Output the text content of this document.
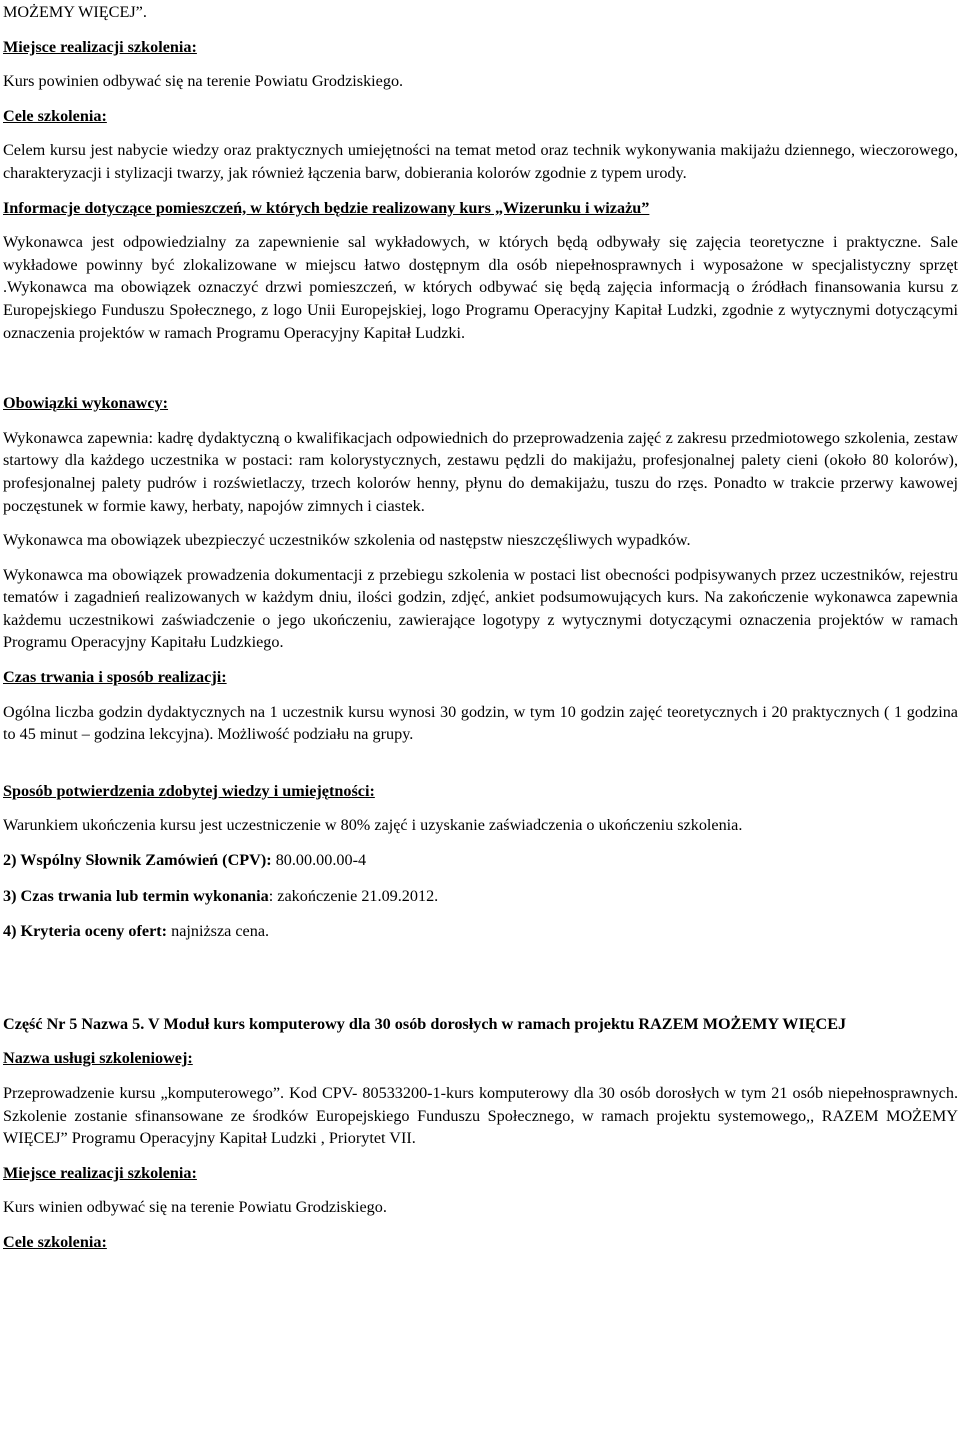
MOŻEMY WIĘCEJ”.

Miejsce realizacji szkolenia:

Kurs powinien odbywać się na terenie Powiatu Grodziskiego.

Cele szkolenia:

Celem kursu jest nabycie wiedzy oraz praktycznych umiejętności na temat metod oraz technik wykonywania makijażu dziennego, wieczorowego, charakteryzacji i stylizacji twarzy, jak również łączenia barw, dobierania kolorów zgodnie z typem urody.

Informacje dotyczące pomieszczeń, w których będzie realizowany kurs „Wizerunku i wizażu”

Wykonawca jest odpowiedzialny za zapewnienie sal wykładowych, w których będą odbywały się zajęcia teoretyczne i praktyczne. Sale wykładowe powinny być zlokalizowane w miejscu łatwo dostępnym dla osób niepełnosprawnych i wyposażone w specjalistyczny sprzęt .Wykonawca ma obowiązek oznaczyć drzwi pomieszczeń, w których odbywać się będą zajęcia informacją o źródłach finansowania kursu z Europejskiego Funduszu Społecznego, z logo Unii Europejskiej, logo Programu Operacyjny Kapitał Ludzki, zgodnie z wytycznymi dotyczącymi oznaczenia projektów w ramach Programu Operacyjny Kapitał Ludzki.

Obowiązki wykonawcy:

Wykonawca zapewnia: kadrę dydaktyczną o kwalifikacjach odpowiednich do przeprowadzenia zajęć z zakresu przedmiotowego szkolenia, zestaw startowy dla każdego uczestnika w postaci: ram kolorystycznych, zestawu pędzli do makijażu, profesjonalnej palety cieni (około 80 kolorów), profesjonalnej palety pudrów i rozświetlaczy, trzech kolorów henny, płynu do demakijażu, tuszu do rzęs. Ponadto w trakcie przerwy kawowej poczęstunek w formie kawy, herbaty, napojów zimnych i ciastek.

Wykonawca ma obowiązek ubezpieczyć uczestników szkolenia od następstw nieszczęśliwych wypadków.

Wykonawca ma obowiązek prowadzenia dokumentacji z przebiegu szkolenia w postaci list obecności podpisywanych przez uczestników, rejestru tematów i zagadnień realizowanych w każdym dniu, ilości godzin, zdjęć, ankiet podsumowujących kurs. Na zakończenie wykonawca zapewnia każdemu uczestnikowi zaświadczenie o jego ukończeniu, zawierające logotypy z wytycznymi dotyczącymi oznaczenia projektów w ramach Programu Operacyjny Kapitału Ludzkiego.

Czas trwania i sposób realizacji:

Ogólna liczba godzin dydaktycznych na 1 uczestnik kursu wynosi 30 godzin, w tym 10 godzin zajęć teoretycznych i 20 praktycznych ( 1 godzina to 45 minut – godzina lekcyjna). Możliwość podziału na grupy.

Sposób potwierdzenia zdobytej wiedzy i umiejętności:

Warunkiem ukończenia kursu jest uczestniczenie w 80% zajęć i uzyskanie zaświadczenia o ukończeniu szkolenia.

2) Wspólny Słownik Zamówień (CPV): 80.00.00.00-4

3) Czas trwania lub termin wykonania: zakończenie 21.09.2012.

4) Kryteria oceny ofert: najniższa cena.

Część Nr 5 Nazwa 5. V Moduł kurs komputerowy dla 30 osób dorosłych w ramach projektu RAZEM MOŻEMY WIĘCEJ

Nazwa usługi szkoleniowej:

Przeprowadzenie kursu „komputerowego”. Kod CPV- 80533200-1-kurs komputerowy dla 30 osób dorosłych w tym 21 osób niepełnosprawnych. Szkolenie zostanie sfinansowane ze środków Europejskiego Funduszu Społecznego, w ramach projektu systemowego,, RAZEM MOŻEMY WIĘCEJ” Programu Operacyjny Kapitał Ludzki , Priorytet VII.

Miejsce realizacji szkolenia:

Kurs winien odbywać się na terenie Powiatu Grodziskiego.

Cele szkolenia:
